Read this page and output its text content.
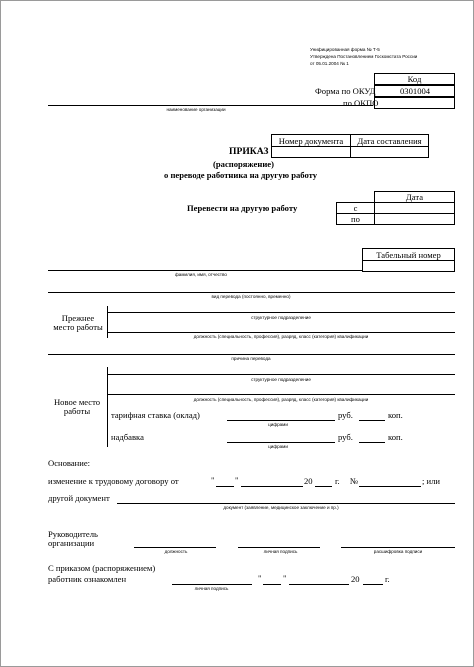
Унифицированная форма № Т-5
Утверждена Постановлением Госкомстата России
от 05.01.2004 № 1
Код
Форма по ОКУД	0301004
по ОКПО
наименование организации
Номер документа	Дата составления
ПРИКАЗ
(распоряжение)
о переводе работника на другую работу
Дата
Перевести на другую работу	с
по
Табельный номер
фамилия, имя, отчество
вид перевода (постоянно, временно)
Прежнее
место работы
структурное подразделение
должность (специальность, профессия), разряд, класс (категория) квалификации
причина перевода
Новое место
работы
структурное подразделение
должность (специальность, профессия), разряд, класс (категория) квалификации
тарифная ставка (оклад)	руб.	коп.
цифрами
надбавка	руб.	коп.
цифрами
Основание:
изменение к трудовому договору от	" "	20	г. №	; или
другой документ
документ (заявление, медицинское заключение и пр.)
Руководитель
организации
должность	личная подпись	расшифровка подписи
С приказом (распоряжением)
работник ознакомлен
личная подпись
" "	20	г.
